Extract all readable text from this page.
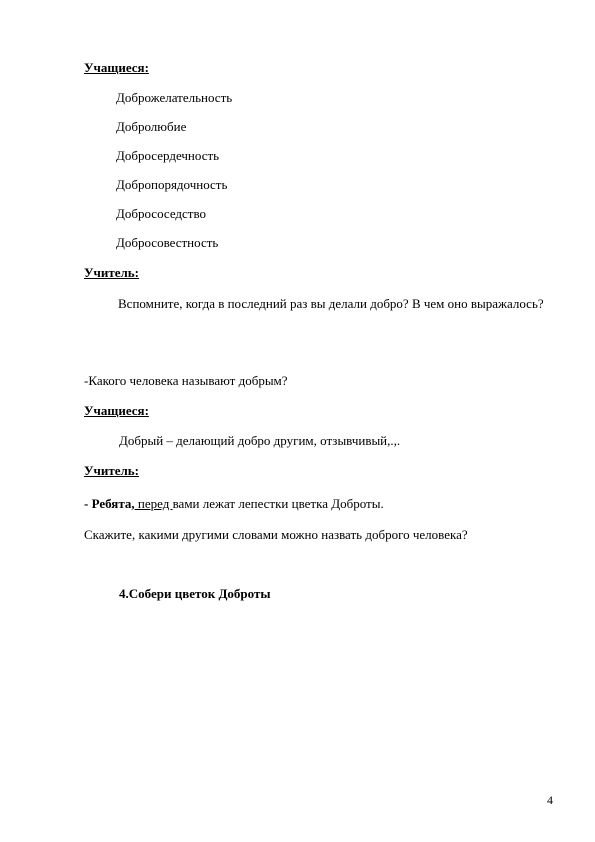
Учащиеся:
Доброжелательность
Добролюбие
Добросердечность
Добропорядочность
Добрососедство
Добросовестность
Учитель:
Вспомните, когда в последний раз вы делали добро? В чем оно выражалось?
-Какого человека называют добрым?
Учащиеся:
Добрый – делающий добро другим, отзывчивый,.,.
Учитель:
- Ребята, перед вами лежат лепестки цветка Доброты.
Скажите, какими другими словами можно назвать доброго человека?
4.Собери цветок Доброты
4
